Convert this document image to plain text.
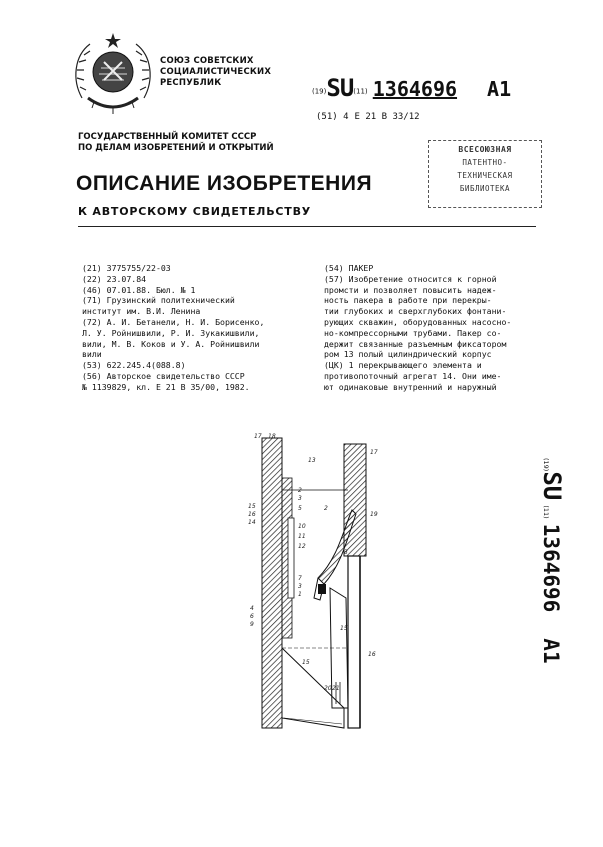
СОЮЗ СОВЕТСКИХ
СОЦИАЛИСТИЧЕСКИХ
РЕСПУБЛИК
(19)SU(11) 1364696 A1
(51) 4 E 21 B 33/12
ГОСУДАРСТВЕННЫЙ КОМИТЕТ СССР
ПО ДЕЛАМ ИЗОБРЕТЕНИЙ И ОТКРЫТИЙ	ВСЕСОЮЗНАЯ
ПАТЕНТНО-
ТЕХНИЧЕСКАЯ
БИБЛИОТЕКА
ОПИСАНИЕ ИЗОБРЕТЕНИЯ
К АВТОРСКОМУ СВИДЕТЕЛЬСТВУ
(21) 3775755/22-03
(22) 23.07.84
(46) 07.01.88. Бюл. № 1
(71) Грузинский политехнический
институт им. В.И. Ленина
(72) А. И. Бетанели, Н. И. Борисенко,
Л. У. Ройнишвили, Р. И. Зукакишвили,
вили, М. В. Коков и У. А. Ройнишвили
вили
(53) 622.245.4(088.8)
(56) Авторское свидетельство СССР
№ 1139829, кл. Е 21 В 35/00, 1982.
(54) ПАКЕР
(57) Изобретение относится к горной
промсти и позволяет повысить надеж-
ность пакера в работе при перекры-
тии глубоких и сверхглубоких фонтани-
рующих скважин, оборудованных насосно-
но-компрессорными трубами. Пакер со-
держит связанные разъемным фиксатором
ром 13 полый цилиндрический корпус
(ЦК) 1 перекрывающего элемента и
противопоточный агрегат 14. Они име-
ют одинаковые внутренний и наружный
17 18
13
2
3
5
10
11
12
15
16
14
7
3
1
4
6
9
15
17
2
19
3
15
16
20 21
(19)SU (11) 1364696A1
